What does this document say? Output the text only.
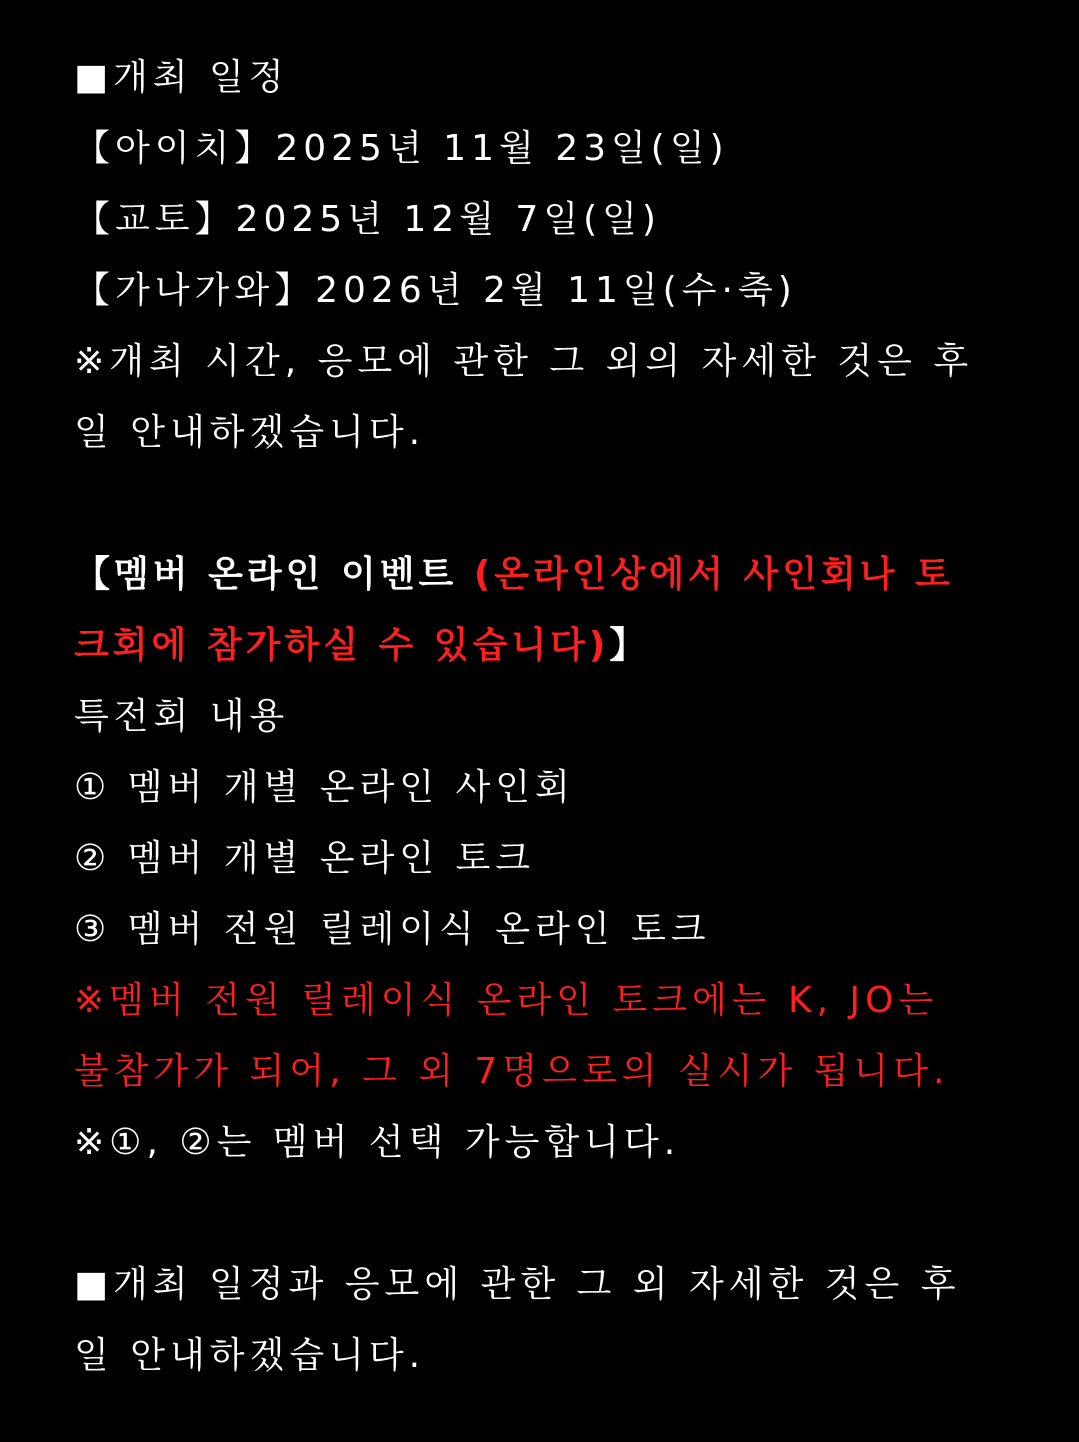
■개최 일정
【아이치】2025년 11월 23일(일)
【교토】2025년 12월 7일(일)
【가나가와】2026년 2월 11일(수·축)
※개최 시간, 응모에 관한 그 외의 자세한 것은 후
일 안내하겠습니다.
【멤버 온라인 이벤트 (온라인상에서 사인회나 토
크회에 참가하실 수 있습니다)】
특전회 내용
① 멤버 개별 온라인 사인회
② 멤버 개별 온라인 토크
③ 멤버 전원 릴레이식 온라인 토크
※멤버 전원 릴레이식 온라인 토크에는 K, JO는
불참가가 되어, 그 외 7명으로의 실시가 됩니다.
※①, ②는 멤버 선택 가능합니다.
■개최 일정과 응모에 관한 그 외 자세한 것은 후
일 안내하겠습니다.
